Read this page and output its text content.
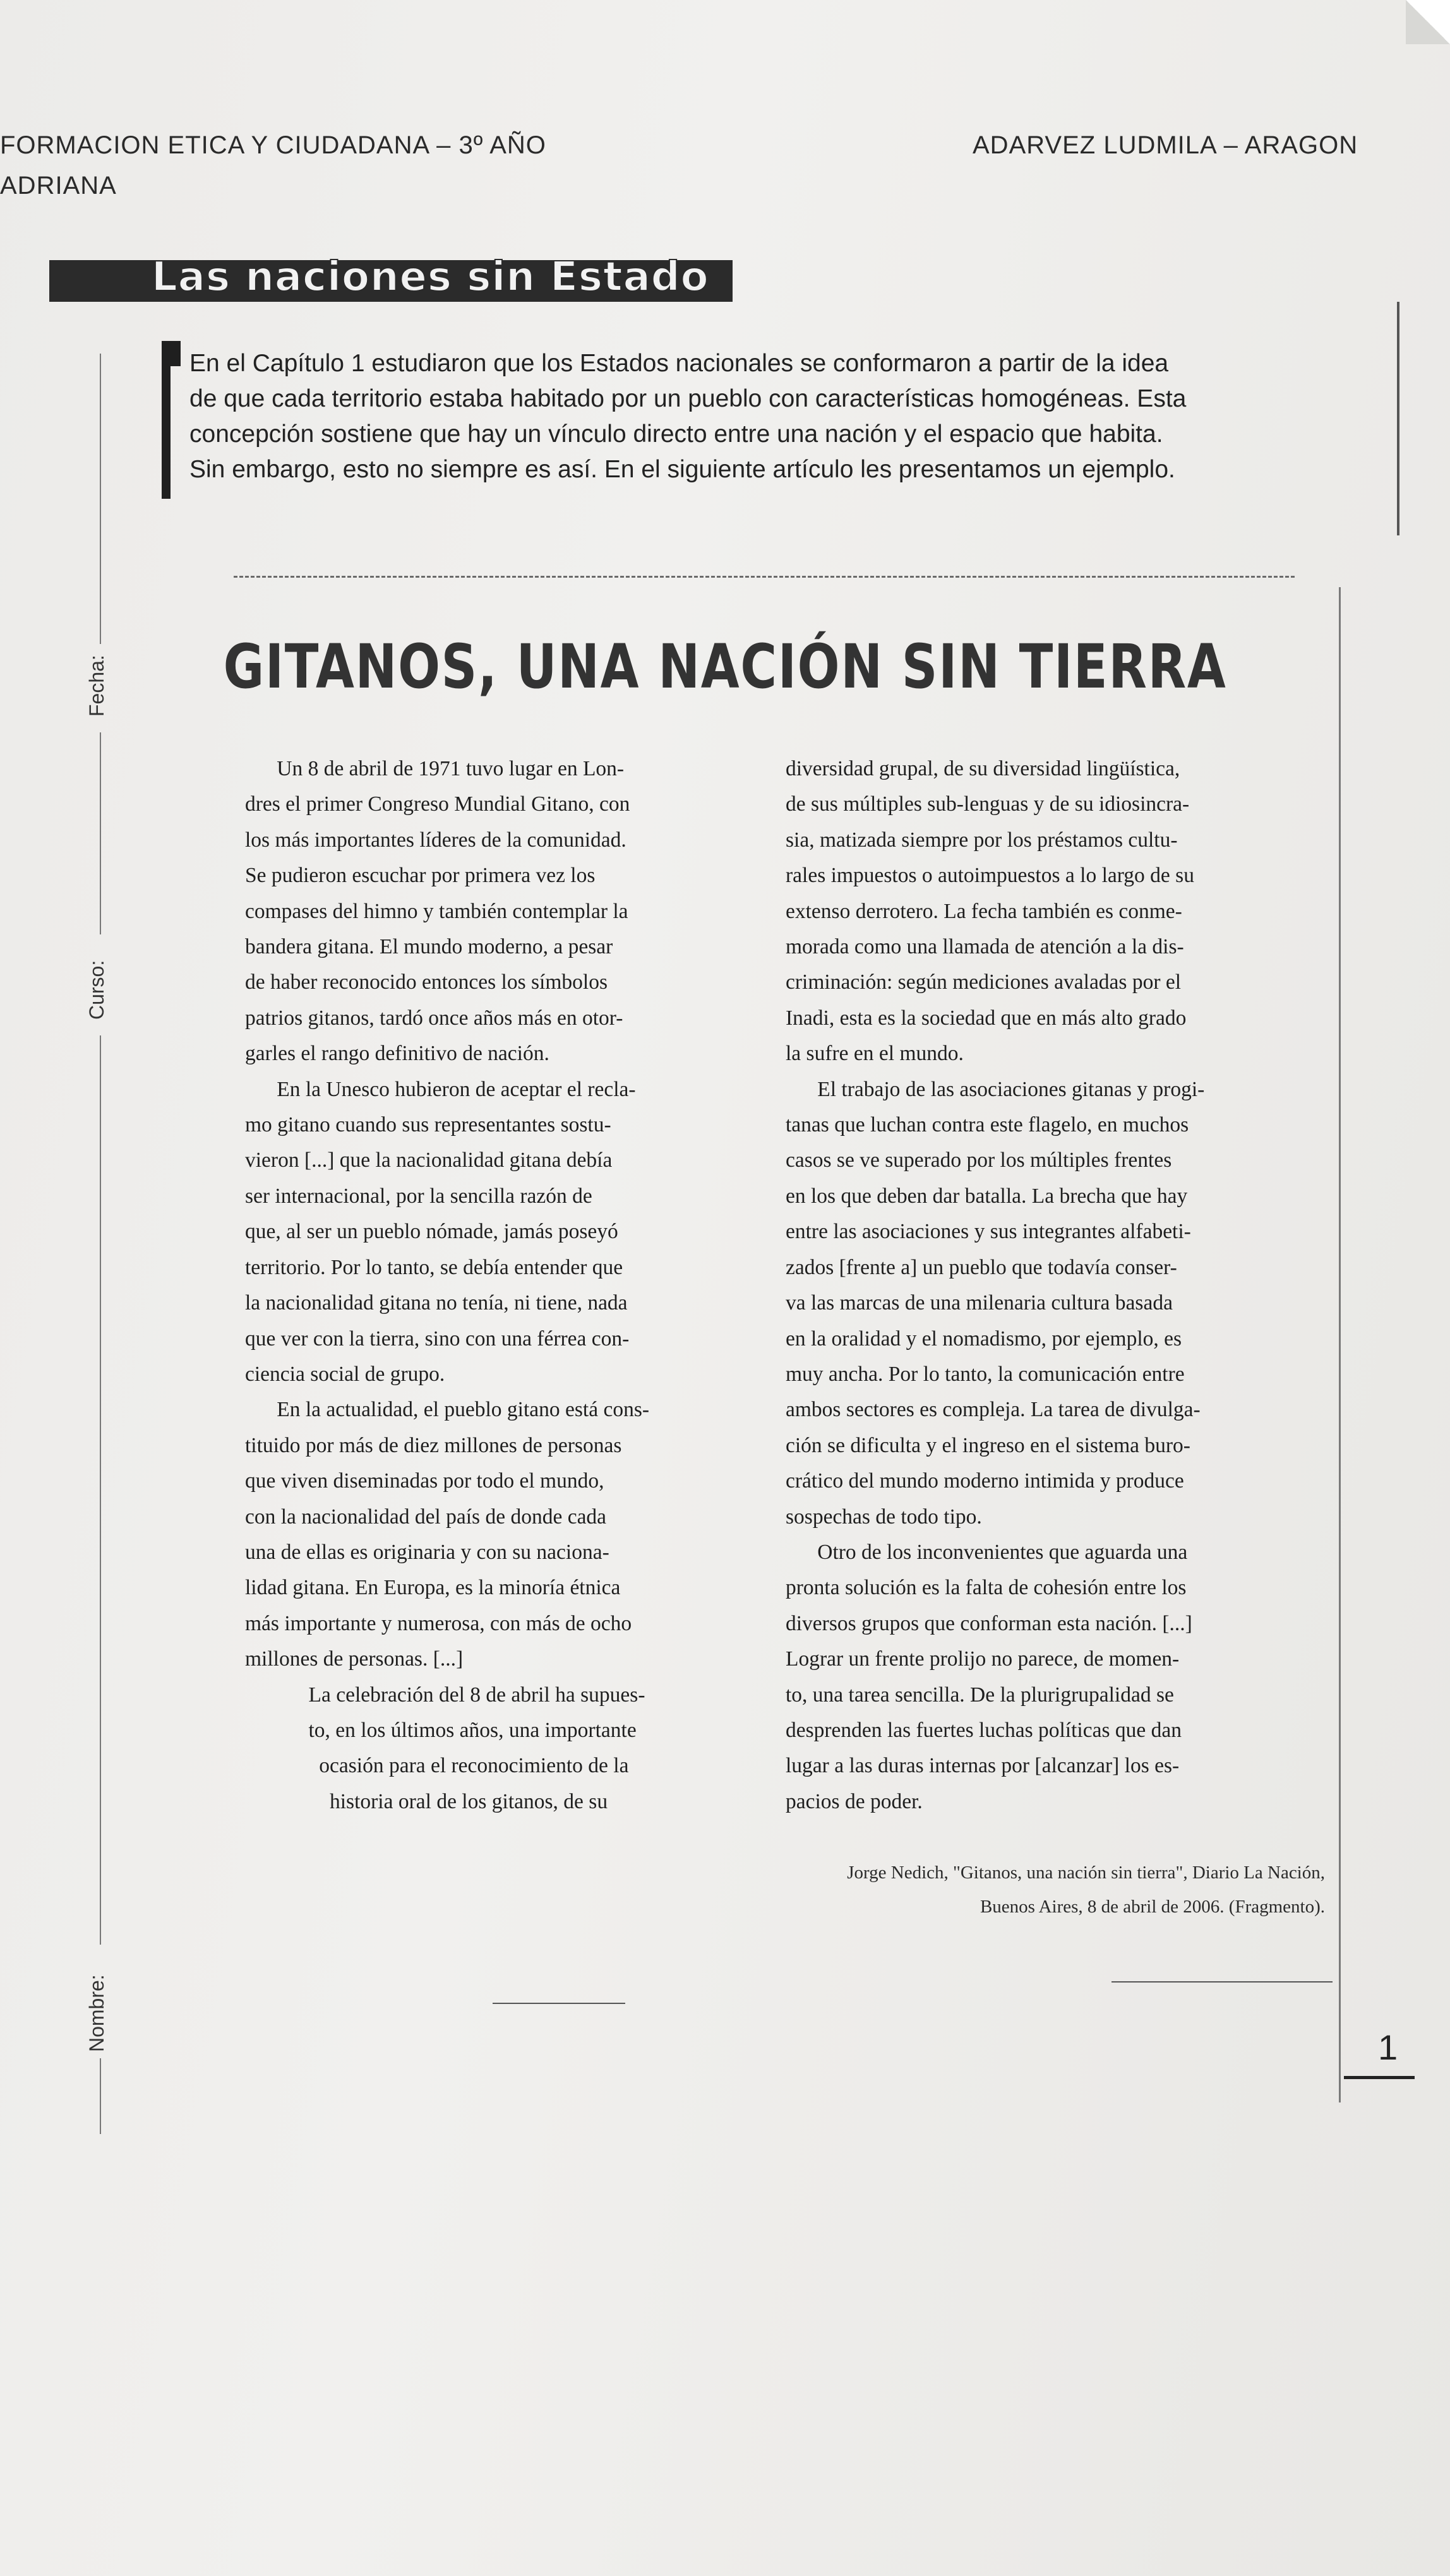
FORMACION ETICA Y CIUDADANA – 3º AÑO
ADRIANA
ADARVEZ LUDMILA – ARAGON
Las naciones sin Estado

En el Capítulo 1 estudiaron que los Estados nacionales se conformaron a partir de la idea

de que cada territorio estaba habitado por un pueblo con características homogéneas. Esta

concepción sostiene que hay un vínculo directo entre una nación y el espacio que habita.

Sin embargo, esto no siempre es así. En el siguiente artículo les presentamos un ejemplo.

GITANOS, UNA NACIÓN SIN TIERRA

Un 8 de abril de 1971 tuvo lugar en Lon-

dres el primer Congreso Mundial Gitano, con

los más importantes líderes de la comunidad.

Se pudieron escuchar por primera vez los

compases del himno y también contemplar la

bandera gitana. El mundo moderno, a pesar

de haber reconocido entonces los símbolos

patrios gitanos, tardó once años más en otor-

garles el rango definitivo de nación.

En la Unesco hubieron de aceptar el recla-

mo gitano cuando sus representantes sostu-

vieron [...] que la nacionalidad gitana debía

ser internacional, por la sencilla razón de

que, al ser un pueblo nómade, jamás poseyó

territorio. Por lo tanto, se debía entender que

la nacionalidad gitana no tenía, ni tiene, nada

que ver con la tierra, sino con una férrea con-

ciencia social de grupo.

En la actualidad, el pueblo gitano está cons-

tituido por más de diez millones de personas

que viven diseminadas por todo el mundo,

con la nacionalidad del país de donde cada

una de ellas es originaria y con su naciona-

lidad gitana. En Europa, es la minoría étnica

más importante y numerosa, con más de ocho

millones de personas. [...]

La celebración del 8 de abril ha supues-

to, en los últimos años, una importante

ocasión para el reconocimiento de la

historia oral de los gitanos, de su

diversidad grupal, de su diversidad lingüística,

de sus múltiples sub-lenguas y de su idiosincra-

sia, matizada siempre por los préstamos cultu-

rales impuestos o autoimpuestos a lo largo de su

extenso derrotero. La fecha también es conme-

morada como una llamada de atención a la dis-

criminación: según mediciones avaladas por el

Inadi, esta es la sociedad que en más alto grado

la sufre en el mundo.

El trabajo de las asociaciones gitanas y progi-

tanas que luchan contra este flagelo, en muchos

casos se ve superado por los múltiples frentes

en los que deben dar batalla. La brecha que hay

entre las asociaciones y sus integrantes alfabeti-

zados [frente a] un pueblo que todavía conser-

va las marcas de una milenaria cultura basada

en la oralidad y el nomadismo, por ejemplo, es

muy ancha. Por lo tanto, la comunicación entre

ambos sectores es compleja. La tarea de divulga-

ción se dificulta y el ingreso en el sistema buro-

crático del mundo moderno intimida y produce

sospechas de todo tipo.

Otro de los inconvenientes que aguarda una

pronta solución es la falta de cohesión entre los

diversos grupos que conforman esta nación. [...]

Lograr un frente prolijo no parece, de momen-

to, una tarea sencilla. De la plurigrupalidad se

desprenden las fuertes luchas políticas que dan

lugar a las duras internas por [alcanzar] los es-

pacios de poder.

Jorge Nedich, "Gitanos, una nación sin tierra", Diario La Nación,
Buenos Aires, 8 de abril de 2006. (Fragmento).
Fecha:
Curso:
Nombre:	1
